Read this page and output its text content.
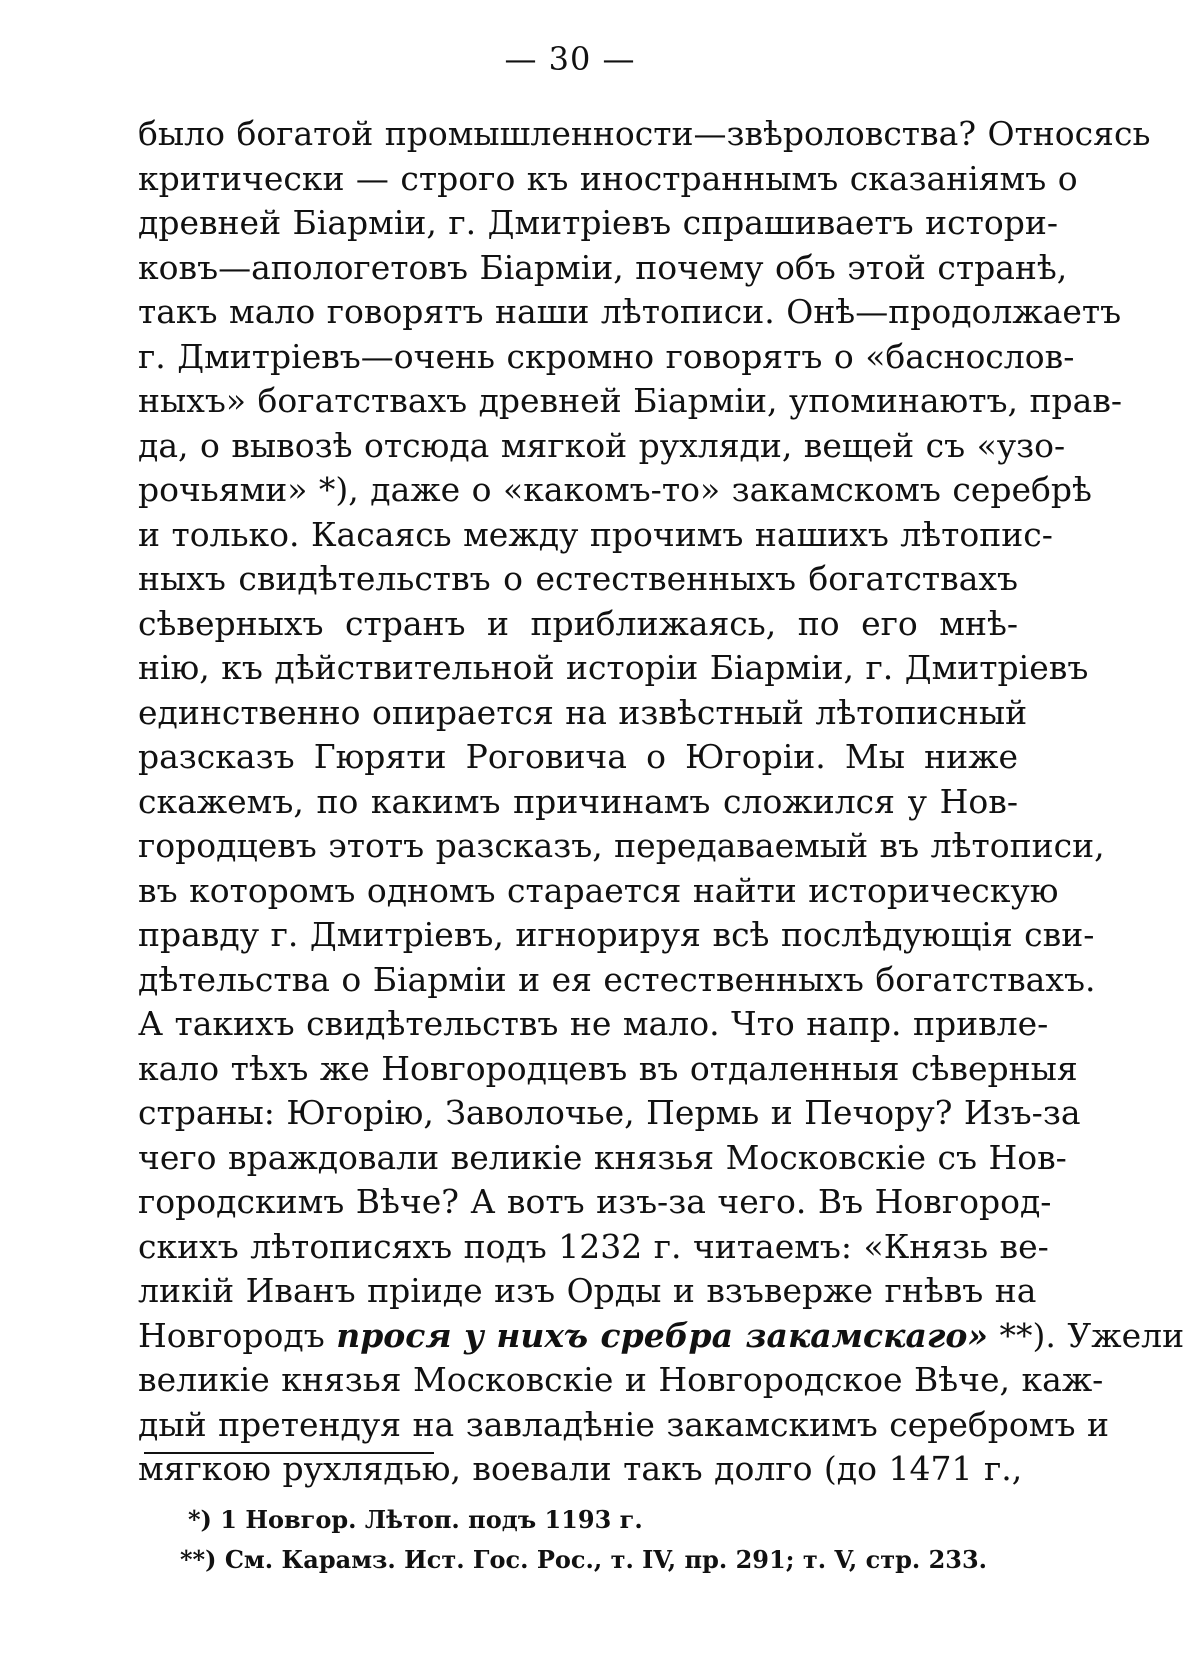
— 30 —
было богатой промышленности—звѣроловства? Относясь
критически — строго къ иностраннымъ сказаніямъ о
древней Біарміи, г. Дмитріевъ спрашиваетъ истори-
ковъ—апологетовъ Біарміи, почему объ этой странѣ,
такъ мало говорятъ наши лѣтописи. Онѣ—продолжаетъ
г. Дмитріевъ—очень скромно говорятъ о «баснослов-
ныхъ» богатствахъ древней Біарміи, упоминаютъ, прав-
да, о вывозѣ отсюда мягкой рухляди, вещей съ «узо-
рочьями» *), даже о «какомъ-то» закамскомъ серебрѣ
и только. Касаясь между прочимъ нашихъ лѣтопис-
ныхъ свидѣтельствъ о естественныхъ богатствахъ
сѣверныхъ странъ и приближаясь, по его мнѣ-
нію, къ дѣйствительной исторіи Біарміи, г. Дмитріевъ
единственно опирается на извѣстный лѣтописный
разсказъ Гюряти Роговича о Югоріи. Мы ниже
скажемъ, по какимъ причинамъ сложился у Нов-
городцевъ этотъ разсказъ, передаваемый въ лѣтописи,
въ которомъ одномъ старается найти историческую
правду г. Дмитріевъ, игнорируя всѣ послѣдующія сви-
дѣтельства о Біарміи и ея естественныхъ богатствахъ.
А такихъ свидѣтельствъ не мало. Что напр. привле-
кало тѣхъ же Новгородцевъ въ отдаленныя сѣверныя
страны: Югорію, Заволочье, Пермь и Печору? Изъ-за
чего враждовали великіе князья Московскіе съ Нов-
городскимъ Вѣче? А вотъ изъ-за чего. Въ Новгород-
скихъ лѣтописяхъ подъ 1232 г. читаемъ: «Князь ве-
ликій Иванъ пріиде изъ Орды и взъверже гнѣвъ на
Новгородъ прося у нихъ сребра закамскаго» **). Ужели
великіе князья Московскіе и Новгородское Вѣче, каж-
дый претендуя на завладѣніе закамскимъ серебромъ и
мягкою рухлядью, воевали такъ долго (до 1471 г.,
*) 1 Новгор. Лѣтоп. подъ 1193 г.
**) См. Карамз. Ист. Гос. Рос., т. IV, пр. 291; т. V, стр. 233.
